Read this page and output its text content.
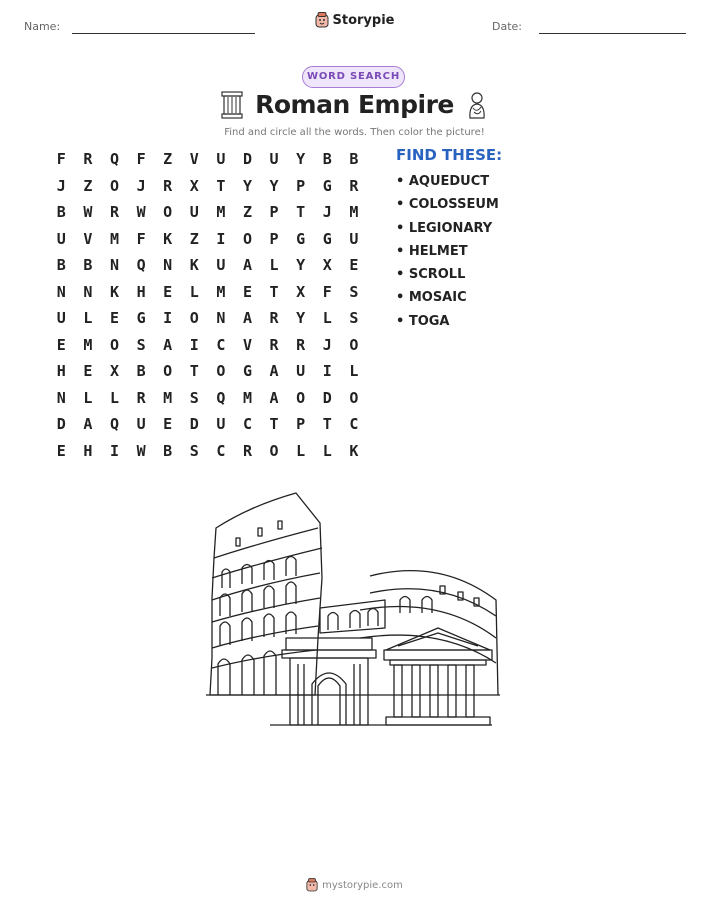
Name:	Storypie	Date:
WORD SEARCH
Roman Empire
Find and circle all the words. Then color the picture!
F	R	Q	F	Z	V	U	D	U	Y	B	B
J	Z	O	J	R	X	T	Y	Y	P	G	R
B	W	R	W	O	U	M	Z	P	T	J	M
U	V	M	F	K	Z	I	O	P	G	G	U
B	B	N	Q	N	K	U	A	L	Y	X	E
N	N	K	H	E	L	M	E	T	X	F	S
U	L	E	G	I	O	N	A	R	Y	L	S
E	M	O	S	A	I	C	V	R	R	J	O
H	E	X	B	O	T	O	G	A	U	I	L
N	L	L	R	M	S	Q	M	A	O	D	O
D	A	Q	U	E	D	U	C	T	P	T	C
E	H	I	W	B	S	C	R	O	L	L	K
FIND THESE:
• AQUEDUCT
• COLOSSEUM
• LEGIONARY
• HELMET
• SCROLL
• MOSAIC
• TOGA
mystorypie.com
